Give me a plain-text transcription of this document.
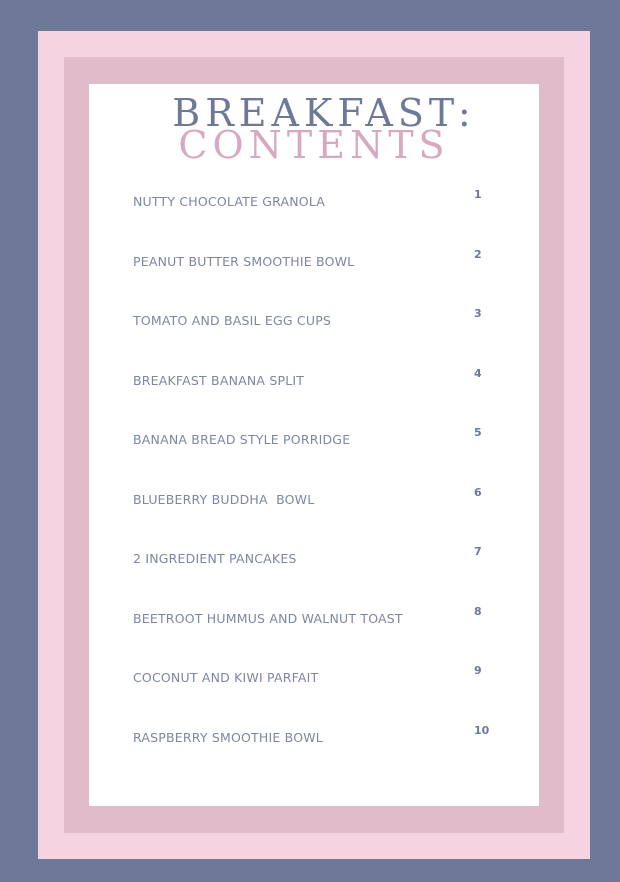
BREAKFAST:
CONTENTS
NUTTY CHOCOLATE GRANOLA	1
PEANUT BUTTER SMOOTHIE BOWL	2
TOMATO AND BASIL EGG CUPS	3
BREAKFAST BANANA SPLIT	4
BANANA BREAD STYLE PORRIDGE	5
BLUEBERRY BUDDHA  BOWL	6
2 INGREDIENT PANCAKES	7
BEETROOT HUMMUS AND WALNUT TOAST	8
COCONUT AND KIWI PARFAIT	9
RASPBERRY SMOOTHIE BOWL	10
